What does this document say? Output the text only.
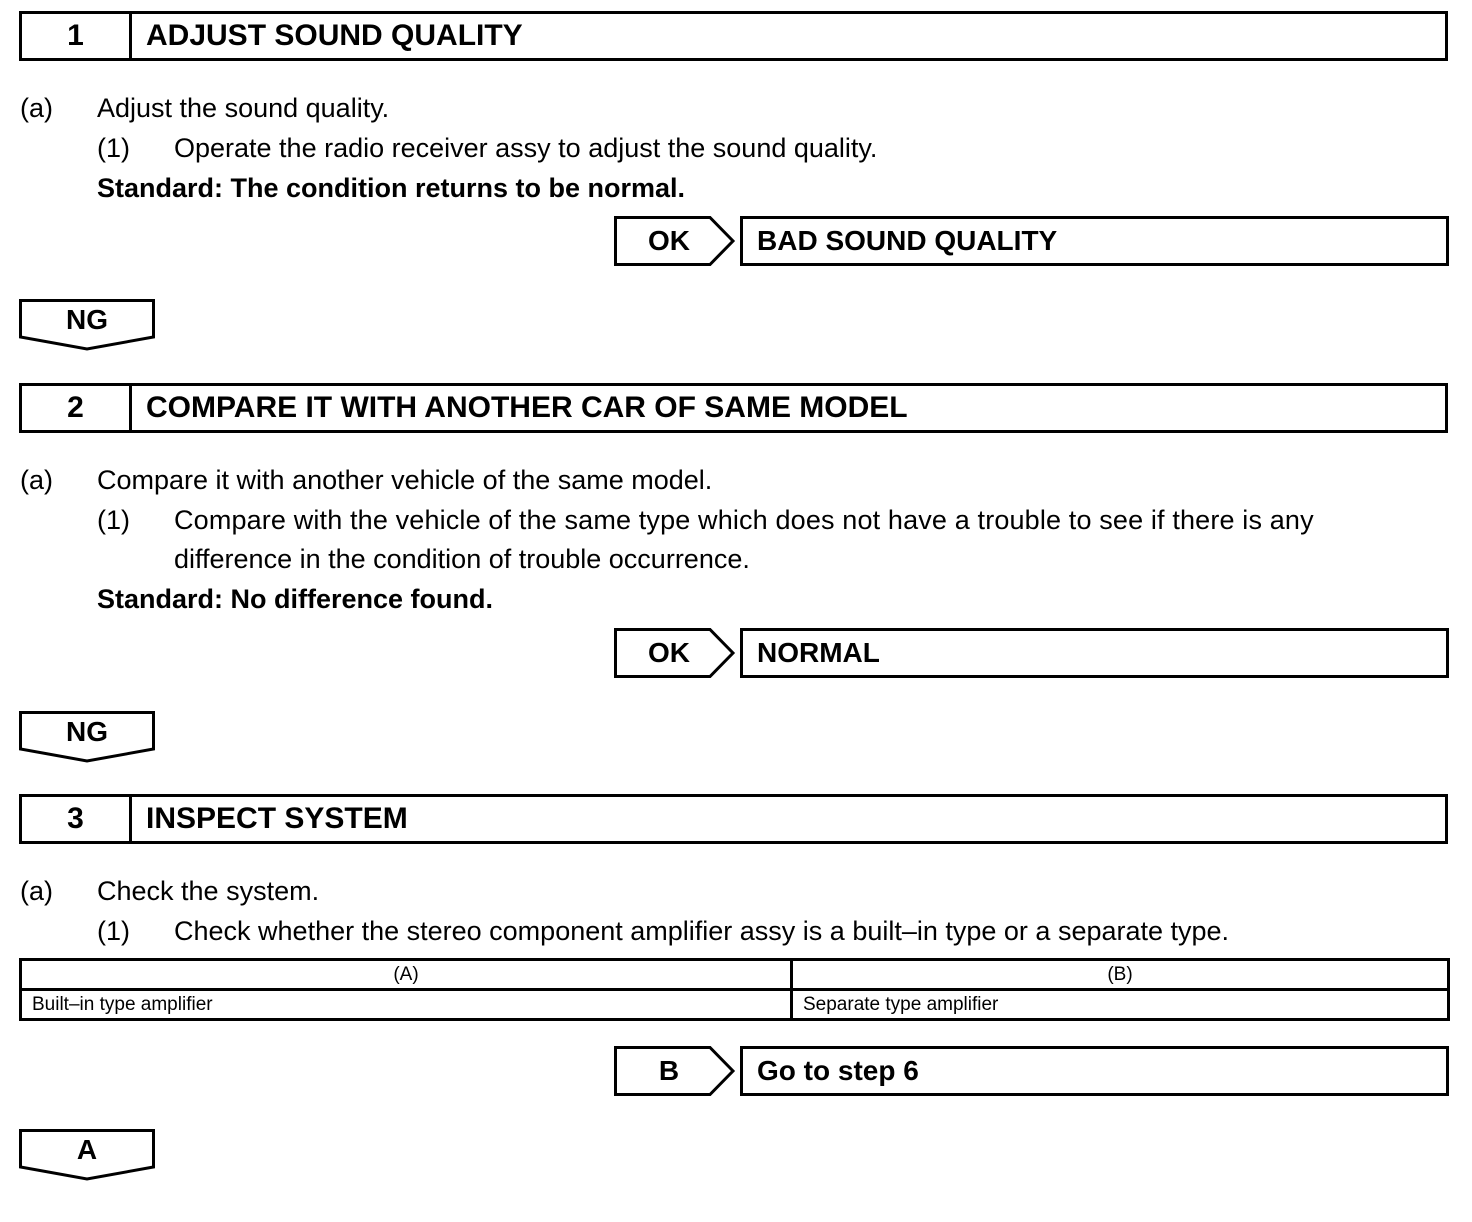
1	ADJUST SOUND QUALITY
(a) Adjust the sound quality.
(1) Operate the radio receiver assy to adjust the sound quality.
Standard: The condition returns to be normal.
OK	BAD SOUND QUALITY
NG
2	COMPARE IT WITH ANOTHER CAR OF SAME MODEL
(a) Compare it with another vehicle of the same model.
(1) Compare with the vehicle of the same type which does not have a trouble to see if there is any
difference in the condition of trouble occurrence.
Standard: No difference found.
OK	NORMAL
NG
3	INSPECT SYSTEM
(a) Check the system.
(1) Check whether the stereo component amplifier assy is a built–in type or a separate type.
(A)	(B)
Built–in type amplifier	Separate type amplifier
B	Go to step 6
A
